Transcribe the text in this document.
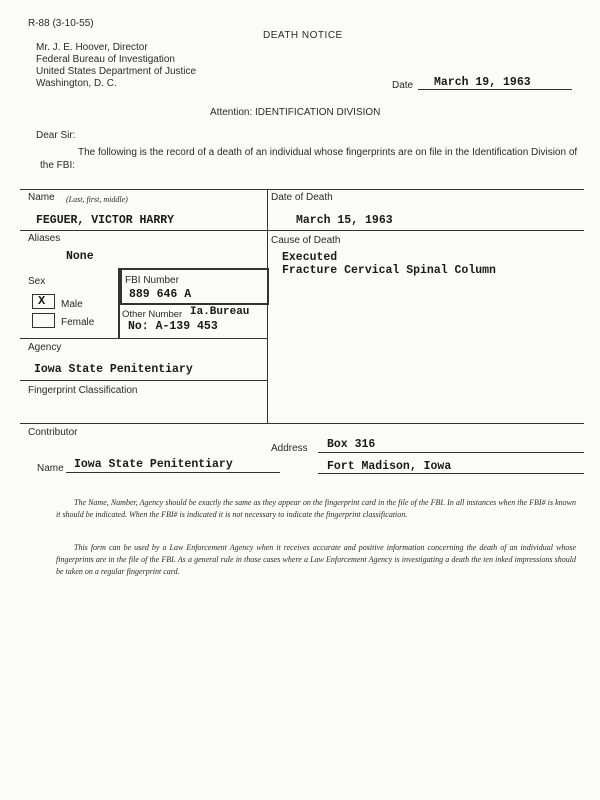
R-88 (3-10-55)
DEATH NOTICE
Mr. J. E. Hoover, Director
Federal Bureau of Investigation
United States Department of Justice
Washington, D. C.	Date March 19, 1963
Attention: IDENTIFICATION DIVISION
Dear Sir:
The following is the record of a death of an individual whose fingerprints are on file in the Identification Division of the FBI:
Name (Last, first, middle)
FEGUER, VICTOR HARRY
Date of Death
March 15, 1963
Aliases
None
Cause of Death
Executed
Fracture Cervical Spinal Column
Sex
X Male
Female
FBI Number
889 646 A
Other Number Ia.Bureau
No: A-139 453
Agency
Iowa State Penitentiary
Fingerprint Classification
Contributor
Address Box 316
Name Iowa State Penitentiary	Fort Madison, Iowa
The Name, Number, Agency should be exactly the same as they appear on the fingerprint card in the file of the FBI. In all instances when the FBI# is known it should be indicated. When the FBI# is indicated it is not necessary to indicate the fingerprint classification.
This form can be used by a Law Enforcement Agency when it receives accurate and positive information concerning the death of an individual whose fingerprints are in the file of the FBI. As a general rule in those cases where a Law Enforcement Agency is investigating a death the ten inked impressions should be taken on a regular fingerprint card.
